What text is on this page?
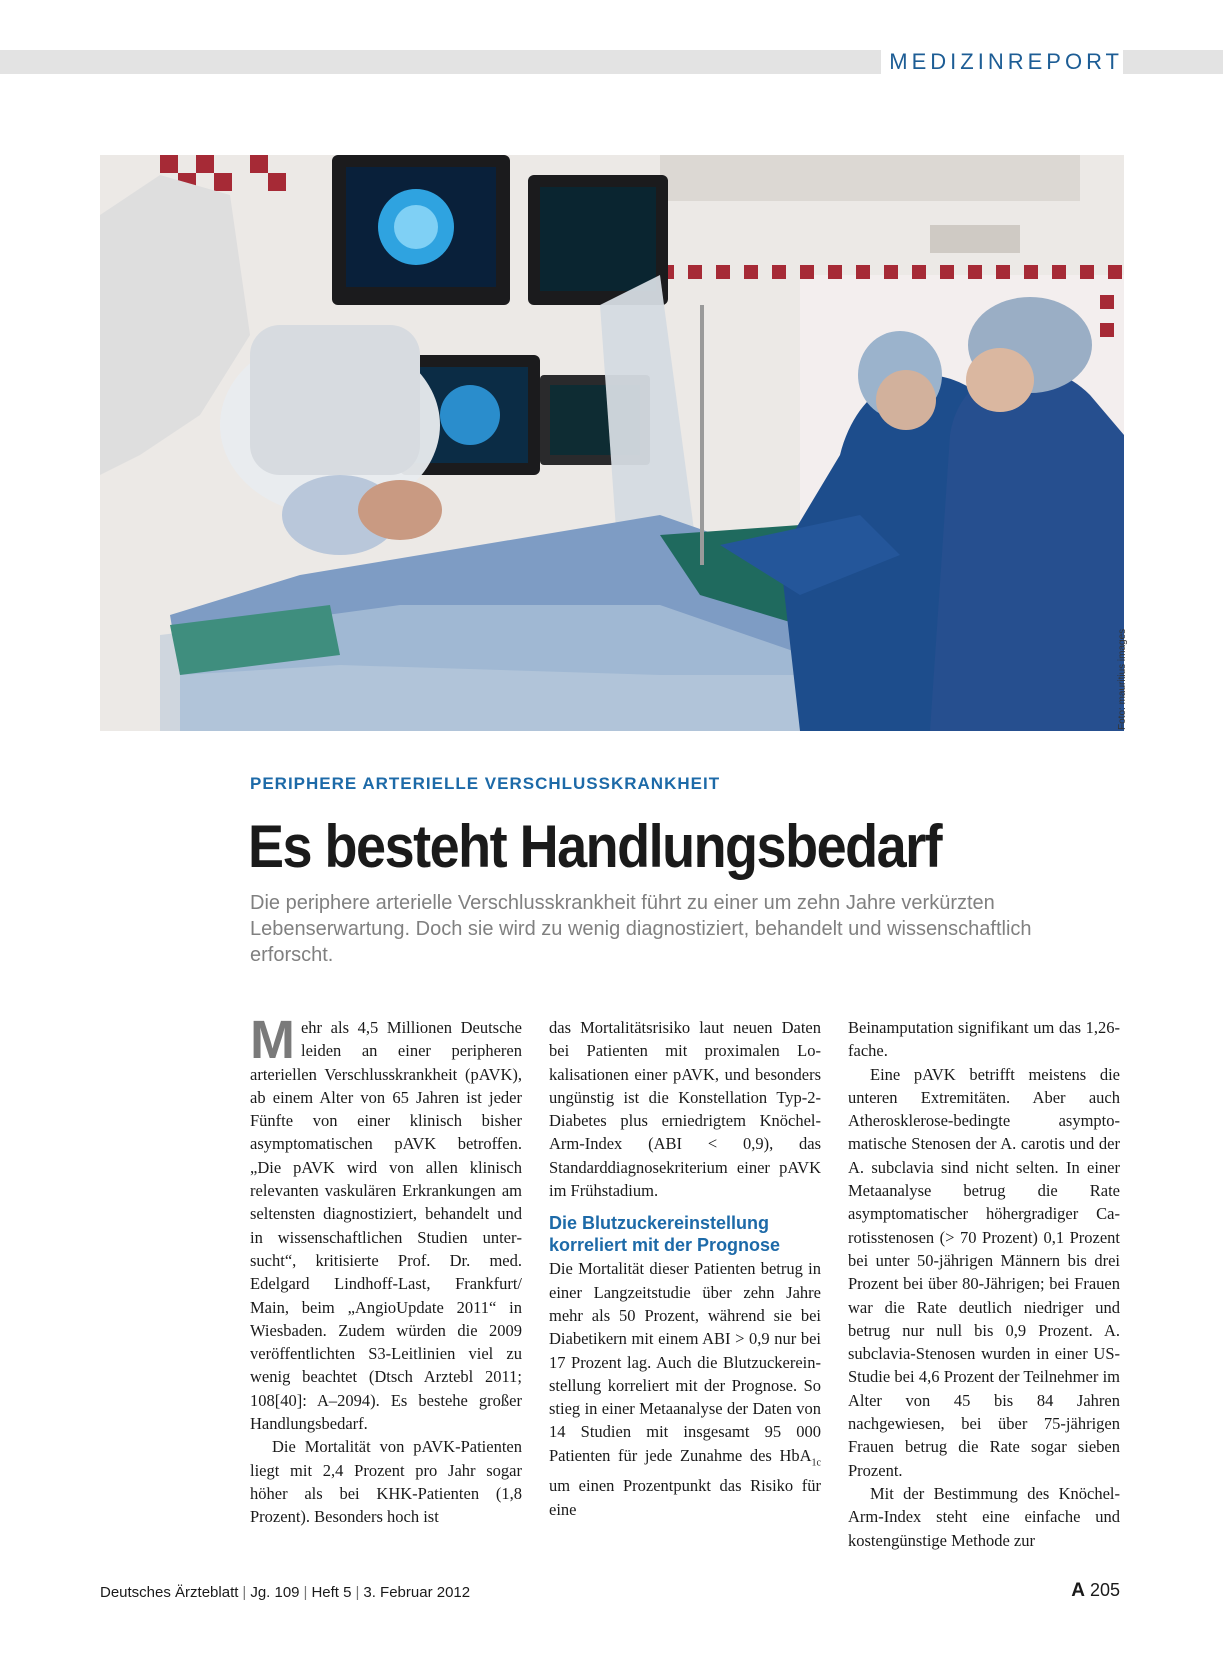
MEDIZINREPORT
Foto: mauritius images
PERIPHERE ARTERIELLE VERSCHLUSSKRANKHEIT
Es besteht Handlungsbedarf

Die periphere arterielle Verschlusskrankheit führt zu einer um zehn Jahre verkürzten Lebenserwartung. Doch sie wird zu wenig diagnostiziert, behandelt und wissenschaftlich erforscht.

Mehr als 4,5 Millionen Deutsche leiden an einer peripheren arteriellen Verschlusskrankheit (pAVK), ab einem Alter von 65 Jahren ist jeder Fünfte von einer klinisch bisher asymptomatischen pAVK betroffen. „Die pAVK wird von allen klinisch relevanten vaskulären Erkrankungen am seltensten diagnostiziert, behandelt und in wissenschaftlichen Studien untersucht“, kritisierte Prof. Dr. med. Edelgard Lindhoff-Last, Frankfurt/ Main, beim „AngioUpdate 2011“ in Wiesbaden. Zudem würden die 2009 veröffentlichten S3-Leitlinien viel zu wenig beachtet (Dtsch Arztebl 2011; 108[40]: A–2094). Es bestehe großer Handlungsbedarf.

Die Mortalität von pAVK-Patienten liegt mit 2,4 Prozent pro Jahr sogar höher als bei KHK-Patienten (1,8 Prozent). Besonders hoch ist

das Mortalitätsrisiko laut neuen Daten bei Patienten mit proximalen Lokalisationen einer pAVK, und besonders ungünstig ist die Konstellation Typ-2-Diabetes plus erniedrigtem Knöchel-Arm-Index (ABI < 0,9), das Standarddiagnosekriterium einer pAVK im Frühstadium.

Die Blutzuckereinstellung korreliert mit der Prognose

Die Mortalität dieser Patienten betrug in einer Langzeitstudie über zehn Jahre mehr als 50 Prozent, während sie bei Diabetikern mit einem ABI > 0,9 nur bei 17 Prozent lag. Auch die Blutzuckereinstellung korreliert mit der Prognose. So stieg in einer Metaanalyse der Daten von 14 Studien mit insgesamt 95 000 Patienten für jede Zunahme des HbA$_{1c}$ um einen Prozentpunkt das Risiko für eine

Beinamputation signifikant um das 1,26-fache.

Eine pAVK betrifft meistens die unteren Extremitäten. Aber auch Atherosklerose-bedingte asymptomatische Stenosen der A. carotis und der A. subclavia sind nicht selten. In einer Metaanalyse betrug die Rate asymptomatischer höhergradiger Carotisstenosen (> 70 Prozent) 0,1 Prozent bei unter 50-jährigen Männern bis drei Prozent bei über 80-Jährigen; bei Frauen war die Rate deutlich niedriger und betrug nur null bis 0,9 Prozent. A. subclavia-Stenosen wurden in einer US-Studie bei 4,6 Prozent der Teilnehmer im Alter von 45 bis 84 Jahren nachgewiesen, bei über 75-jährigen Frauen betrug die Rate sogar sieben Prozent.

Mit der Bestimmung des Knöchel-Arm-Index steht eine einfache und kostengünstige Methode zur

Deutsches Ärzteblatt | Jg. 109 | Heft 5 | 3. Februar 2012	A 205
